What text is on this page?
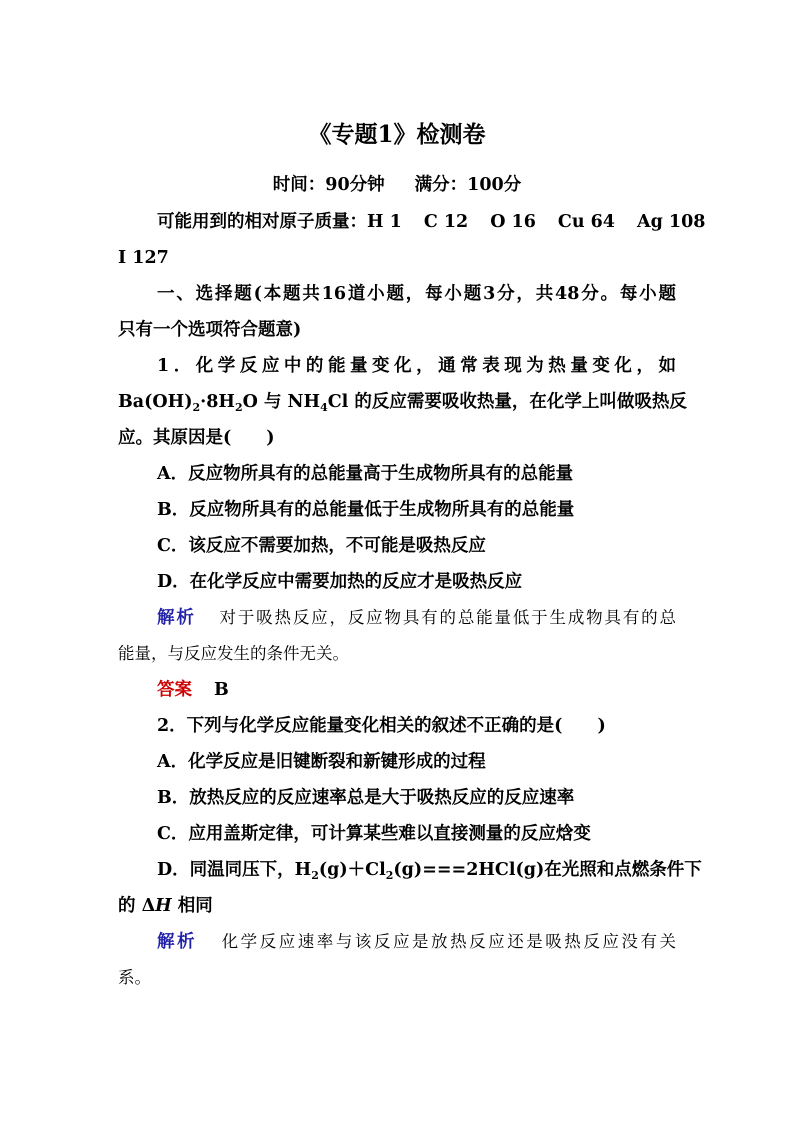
《专题1》检测卷
时间：90分钟 满分：100分
可能用到的相对原子质量：H 1 C 12 O 16 Cu 64 Ag 108
I 127
一、选择题(本题共16道小题，每小题3分，共48分。每小题
只有一个选项符合题意)
1．化学反应中的能量变化，通常表现为热量变化，如
$Ba(OH)_2\cdot 8H_2O$ 与 $NH_4Cl$ 的反应需要吸收热量，在化学上叫做吸热反
应。其原因是(　　)
A．反应物所具有的总能量高于生成物所具有的总能量
B．反应物所具有的总能量低于生成物所具有的总能量
C．该反应不需要加热，不可能是吸热反应
D．在化学反应中需要加热的反应才是吸热反应
解析 对于吸热反应，反应物具有的总能量低于生成物具有的总
能量，与反应发生的条件无关。
答案 B
2．下列与化学反应能量变化相关的叙述不正确的是(　　)
A．化学反应是旧键断裂和新键形成的过程
B．放热反应的反应速率总是大于吸热反应的反应速率
C．应用盖斯定律，可计算某些难以直接测量的反应焓变
D．同温同压下，$H_2(g)+Cl_2(g)===2HCl(g)$在光照和点燃条件下
的 ΔH 相同
解析 化学反应速率与该反应是放热反应还是吸热反应没有关
系。
